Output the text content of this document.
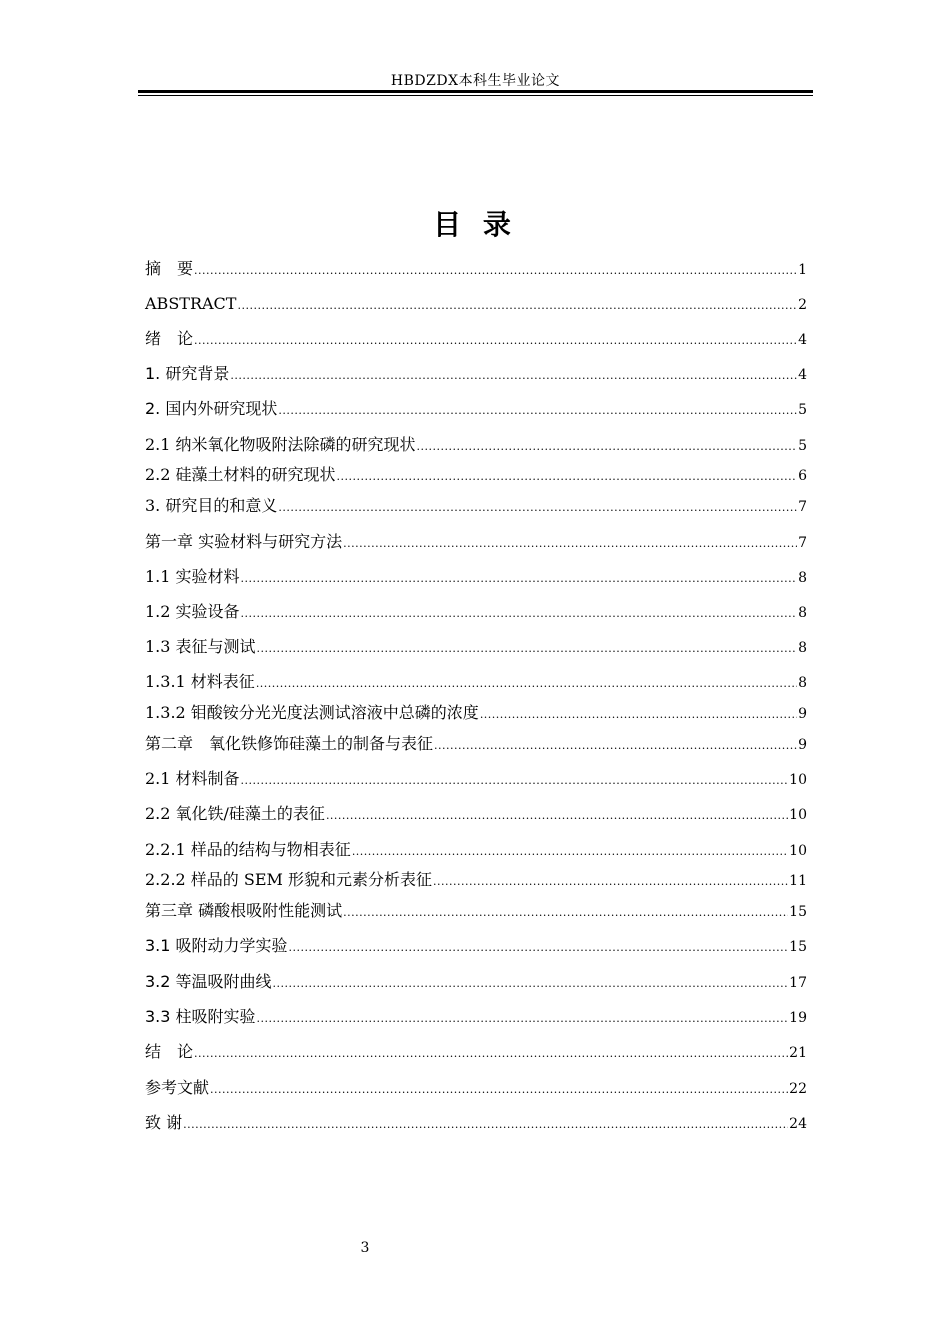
HBDZDX本科生毕业论文
目 录
摘　要 .....	1
ABSTRACT .....	2
绪　论 .....	4
1. 研究背景 .....	4
2. 国内外研究现状 .....	5
2.1 纳米氧化物吸附法除磷的研究现状 .....	5
2.2 硅藻土材料的研究现状 .....	6
3. 研究目的和意义 .....	7
第一章 实验材料与研究方法 .....	7
1.1 实验材料 .....	8
1.2 实验设备 .....	8
1.3 表征与测试 .....	8
1.3.1 材料表征 .....	8
1.3.2 钼酸铵分光光度法测试溶液中总磷的浓度 .....	9
第二章　氧化铁修饰硅藻土的制备与表征 .....	9
2.1 材料制备 .....	10
2.2 氧化铁/硅藻土的表征 .....	10
2.2.1 样品的结构与物相表征 .....	10
2.2.2 样品的 SEM 形貌和元素分析表征 .....	11
第三章 磷酸根吸附性能测试 .....	15
3.1 吸附动力学实验 .....	15
3.2 等温吸附曲线 .....	17
3.3 柱吸附实验 .....	19
结　论 .....	21
参考文献 .....	22
致 谢 .....	24
3
